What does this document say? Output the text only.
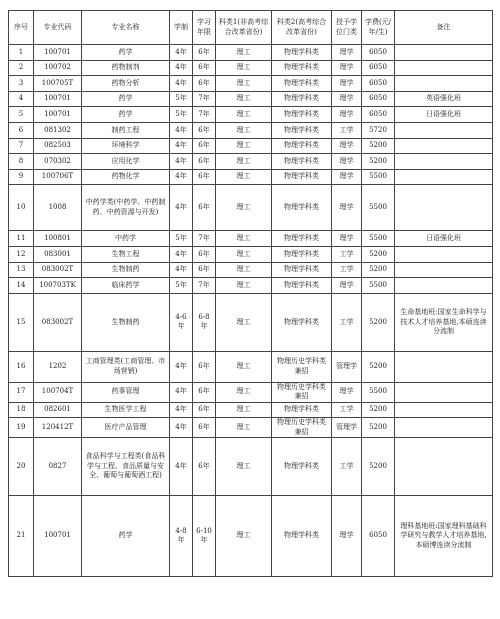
序号	专业代码	专业名称	学制	学习年限	科类1(非高考综合改革省份)	科类2(高考综合改革省份)	授予学位门类	学费(元/年/生)	备注
1	100701	药学	4年	6年	理工	物理学科类	理学	6050	
2	100702	药物制剂	4年	6年	理工	物理学科类	理学	6050	
3	100705T	药物分析	4年	6年	理工	物理学科类	理学	6050	
4	100701	药学	5年	7年	理工	物理学科类	理学	6050	英语强化班
5	100701	药学	5年	7年	理工	物理学科类	理学	6050	日语强化班
6	081302	制药工程	4年	6年	理工	物理学科类	工学	5720	
7	082503	环境科学	4年	6年	理工	物理学科类	理学	5200	
8	070302	应用化学	4年	6年	理工	物理学科类	理学	5200	
9	100706T	药物化学	4年	6年	理工	物理学科类	理学	5500	
10	1008	中药学类(中药学、中药制药、中药资源与开发)	4年	6年	理工	物理学科类	理学	5500	
11	100801	中药学	5年	7年	理工	物理学科类	理学	5500	日语强化班
12	083001	生物工程	4年	6年	理工	物理学科类	工学	5200	
13	083002T	生物制药	4年	6年	理工	物理学科类	工学	5200	
14	100703TK	临床药学	5年	7年	理工	物理学科类	理学	5500	
15	083002T	生物制药	4-6年	6-8年	理工	物理学科类	工学	5200	生命基地班:国家生命科学与技术人才培养基地,本硕连读分流制
16	1202	工商管理类(工商管理、市场营销)	4年	6年	理工	物理历史学科类兼招	管理学	5200	
17	100704T	药事管理	4年	6年	理工	物理历史学科类兼招	理学	5500	
18	082601	生物医学工程	4年	6年	理工	物理学科类	工学	5200	
19	120412T	医疗产品管理	4年	6年	理工	物理历史学科类兼招	管理学	5200	
20	0827	食品科学与工程类(食品科学与工程、食品质量与安全、葡萄与葡萄酒工程)	4年	6年	理工	物理学科类	工学	5200	
21	100701	药学	4-8年	6-10年	理工	物理学科类	理学	6050	理科基地班:国家理科基础科学研究与教学人才培养基地,本硕博连读分流制
